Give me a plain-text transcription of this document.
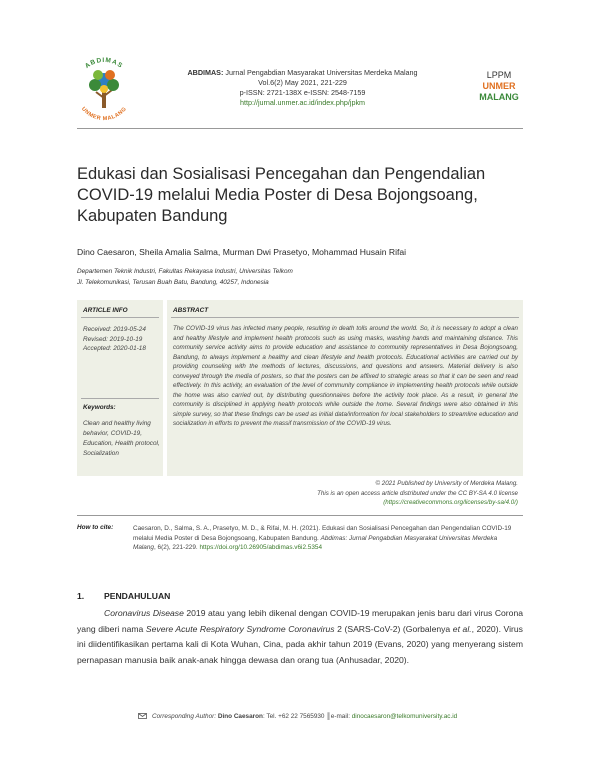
ABDIMAS
UNMER MALANG
ABDIMAS: Jurnal Pengabdian Masyarakat Universitas Merdeka Malang
Vol.6(2) May 2021, 221-229
p-ISSN: 2721-138X e-ISSN: 2548-7159
http://jurnal.unmer.ac.id/index.php/jpkm
LPPM
UNMER
MALANG
Edukasi dan Sosialisasi Pencegahan dan Pengendalian COVID-19 melalui Media Poster di Desa Bojongsoang, Kabupaten Bandung
Dino Caesaron, Sheila Amalia Salma, Murman Dwi Prasetyo, Mohammad Husain Rifai
Departemen Teknik Industri, Fakultas Rekayasa Industri, Universitas Telkom
Jl. Telekomunikasi, Terusan Buah Batu, Bandung, 40257, Indonesia
ARTICLE INFO	ABSTRACT
Received: 2019-05-24
Revised: 2019-10-19
Accepted: 2020-01-18
Keywords:
Clean and healthy living behavior, COVID-19, Education, Health protocol, Socialization
The COVID-19 virus has infected many people, resulting in death tolls around the world. So, it is necessary to adopt a clean and healthy lifestyle and implement health protocols such as using masks, washing hands and maintaining distance. This community service activity aims to provide education and assistance to community representatives in Desa Bojongsoang, Bandung, to always implement a healthy and clean lifestyle and health protocols. Educational activities are carried out by providing counseling with the methods of lectures, discussions, and questions and answers. Material delivery is also conveyed through the media of posters, so that the posters can be affixed to strategic areas so that it can be seen and read effectively. In this activity, an evaluation of the level of community compliance in implementing health protocols while outside the home was also carried out, by distributing questionnaires before the activity took place. As a result, in general the community is disciplined in applying health protocols while outside the home. Several findings were also obtained in this simple survey, so that these findings can be used as initial data/information for local stakeholders to streamline education and socialization in efforts to prevent the massif transmission of the COVID-19 virus.
© 2021 Published by University of Merdeka Malang.
This is an open access article distributed under the CC BY-SA 4.0 license
(https://creativecommons.org/licenses/by-sa/4.0/)
How to cite:	Caesaron, D., Salma, S. A., Prasetyo, M. D., & Rifai, M. H. (2021). Edukasi dan Sosialisasi Pencegahan dan Pengendalian COVID-19 melalui Media Poster di Desa Bojongsoang, Kabupaten Bandung. Abdimas: Jurnal Pengabdian Masyarakat Universitas Merdeka Malang, 6(2), 221-229. https://doi.org/10.26905/abdimas.v6i2.5354
1. PENDAHULUAN
Coronavirus Disease 2019 atau yang lebih dikenal dengan COVID-19 merupakan jenis baru dari virus Corona yang diberi nama Severe Acute Respiratory Syndrome Coronavirus 2 (SARS-CoV-2) (Gorbalenya et al., 2020). Virus ini diidentifikasikan pertama kali di Kota Wuhan, Cina, pada akhir tahun 2019 (Evans, 2020) yang menyerang sistem pernapasan manusia baik anak-anak hingga dewasa dan orang tua (Anhusadar, 2020).
Corresponding Author: Dino Caesaron: Tel. +62 22 7565930 ║e-mail: dinocaesaron@telkomuniversity.ac.id
